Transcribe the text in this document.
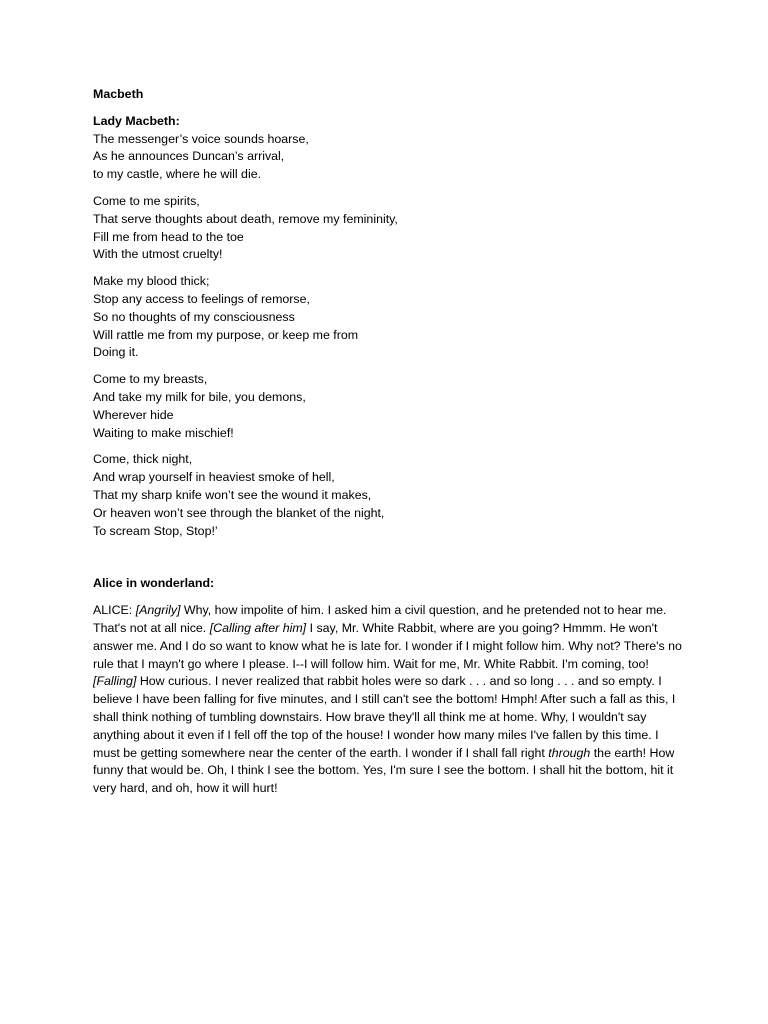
Macbeth
Lady Macbeth:
The messenger’s voice sounds hoarse,
As he announces Duncan’s arrival,
to my castle, where he will die.
Come to me spirits,
That serve thoughts about death, remove my femininity,
Fill me from head to the toe
With the utmost cruelty!
Make my blood thick;
Stop any access to feelings of remorse,
So no thoughts of my consciousness
Will rattle me from my purpose, or keep me from
Doing it.
Come to my breasts,
And take my milk for bile, you demons,
Wherever hide
Waiting to make mischief!
Come, thick night,
And wrap yourself in heaviest smoke of hell,
That my sharp knife won’t see the wound it makes,
Or heaven won’t see through the blanket of the night,
To scream Stop, Stop!’
Alice in wonderland:

ALICE: [Angrily] Why, how impolite of him. I asked him a civil question, and he pretended not to hear me. That's not at all nice. [Calling after him] I say, Mr. White Rabbit, where are you going? Hmmm. He won't answer me. And I do so want to know what he is late for. I wonder if I might follow him. Why not? There's no rule that I mayn't go where I please. I--I will follow him. Wait for me, Mr. White Rabbit. I'm coming, too! [Falling] How curious. I never realized that rabbit holes were so dark . . . and so long . . . and so empty. I believe I have been falling for five minutes, and I still can't see the bottom! Hmph! After such a fall as this, I shall think nothing of tumbling downstairs. How brave they'll all think me at home. Why, I wouldn't say anything about it even if I fell off the top of the house! I wonder how many miles I've fallen by this time. I must be getting somewhere near the center of the earth. I wonder if I shall fall right through the earth! How funny that would be. Oh, I think I see the bottom. Yes, I'm sure I see the bottom. I shall hit the bottom, hit it very hard, and oh, how it will hurt!
